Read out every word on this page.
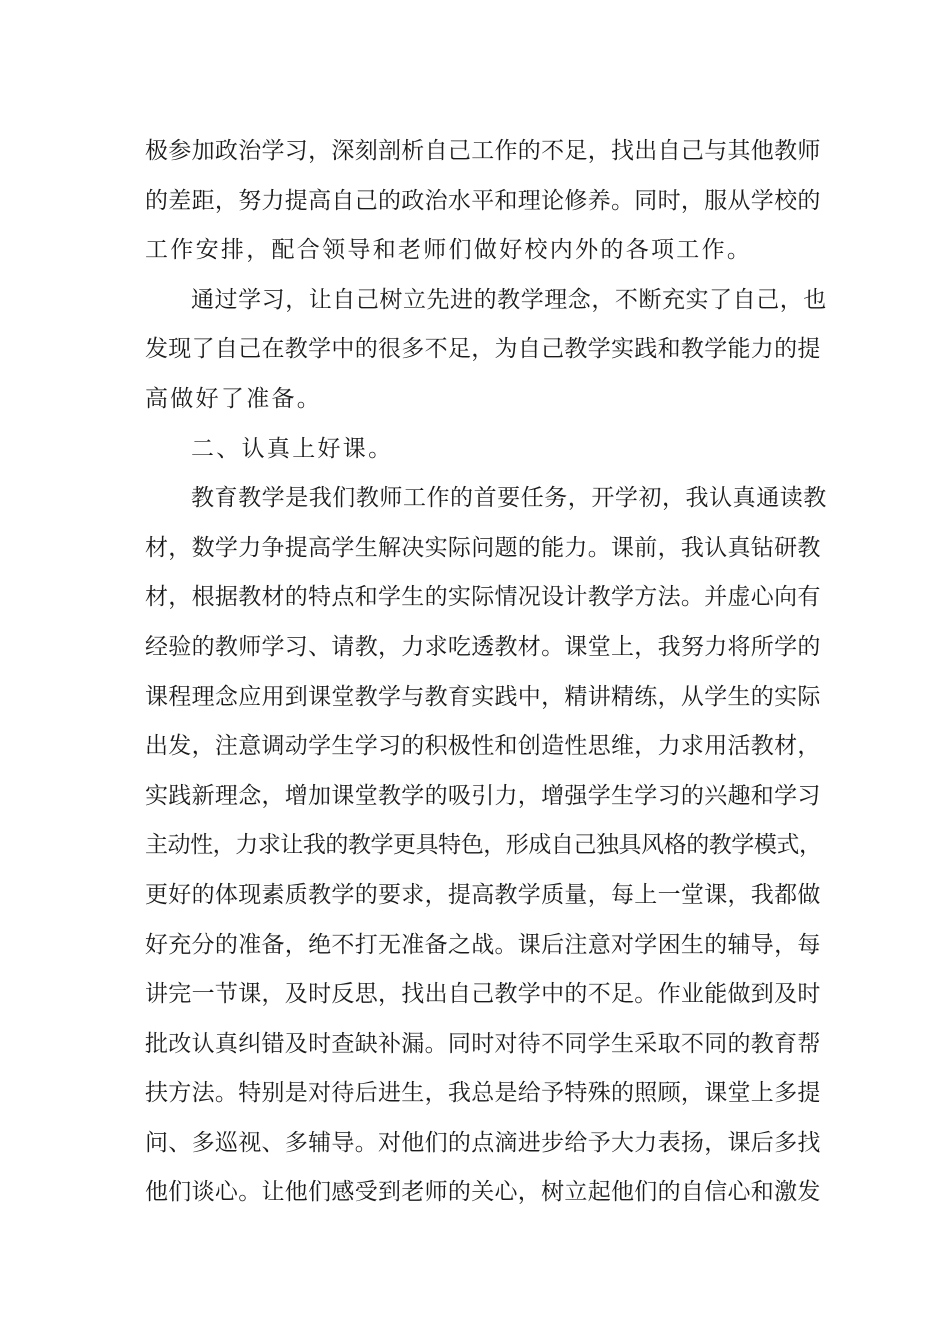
极参加政治学习，深刻剖析自己工作的不足，找出自己与其他教师
的差距，努力提高自己的政治水平和理论修养。同时，服从学校的
工作安排，配合领导和老师们做好校内外的各项工作。
通过学习，让自己树立先进的教学理念，不断充实了自己，也
发现了自己在教学中的很多不足，为自己教学实践和教学能力的提
高做好了准备。
二、认真上好课。
教育教学是我们教师工作的首要任务，开学初，我认真通读教
材，数学力争提高学生解决实际问题的能力。课前，我认真钻研教
材，根据教材的特点和学生的实际情况设计教学方法。并虚心向有
经验的教师学习、请教，力求吃透教材。课堂上，我努力将所学的
课程理念应用到课堂教学与教育实践中，精讲精练，从学生的实际
出发，注意调动学生学习的积极性和创造性思维，力求用活教材，
实践新理念，增加课堂教学的吸引力，增强学生学习的兴趣和学习
主动性，力求让我的教学更具特色，形成自己独具风格的教学模式，
更好的体现素质教学的要求，提高教学质量，每上一堂课，我都做
好充分的准备，绝不打无准备之战。课后注意对学困生的辅导，每
讲完一节课，及时反思，找出自己教学中的不足。作业能做到及时
批改认真纠错及时查缺补漏。同时对待不同学生采取不同的教育帮
扶方法。特别是对待后进生，我总是给予特殊的照顾，课堂上多提
问、多巡视、多辅导。对他们的点滴进步给予大力表扬，课后多找
他们谈心。让他们感受到老师的关心，树立起他们的自信心和激发
